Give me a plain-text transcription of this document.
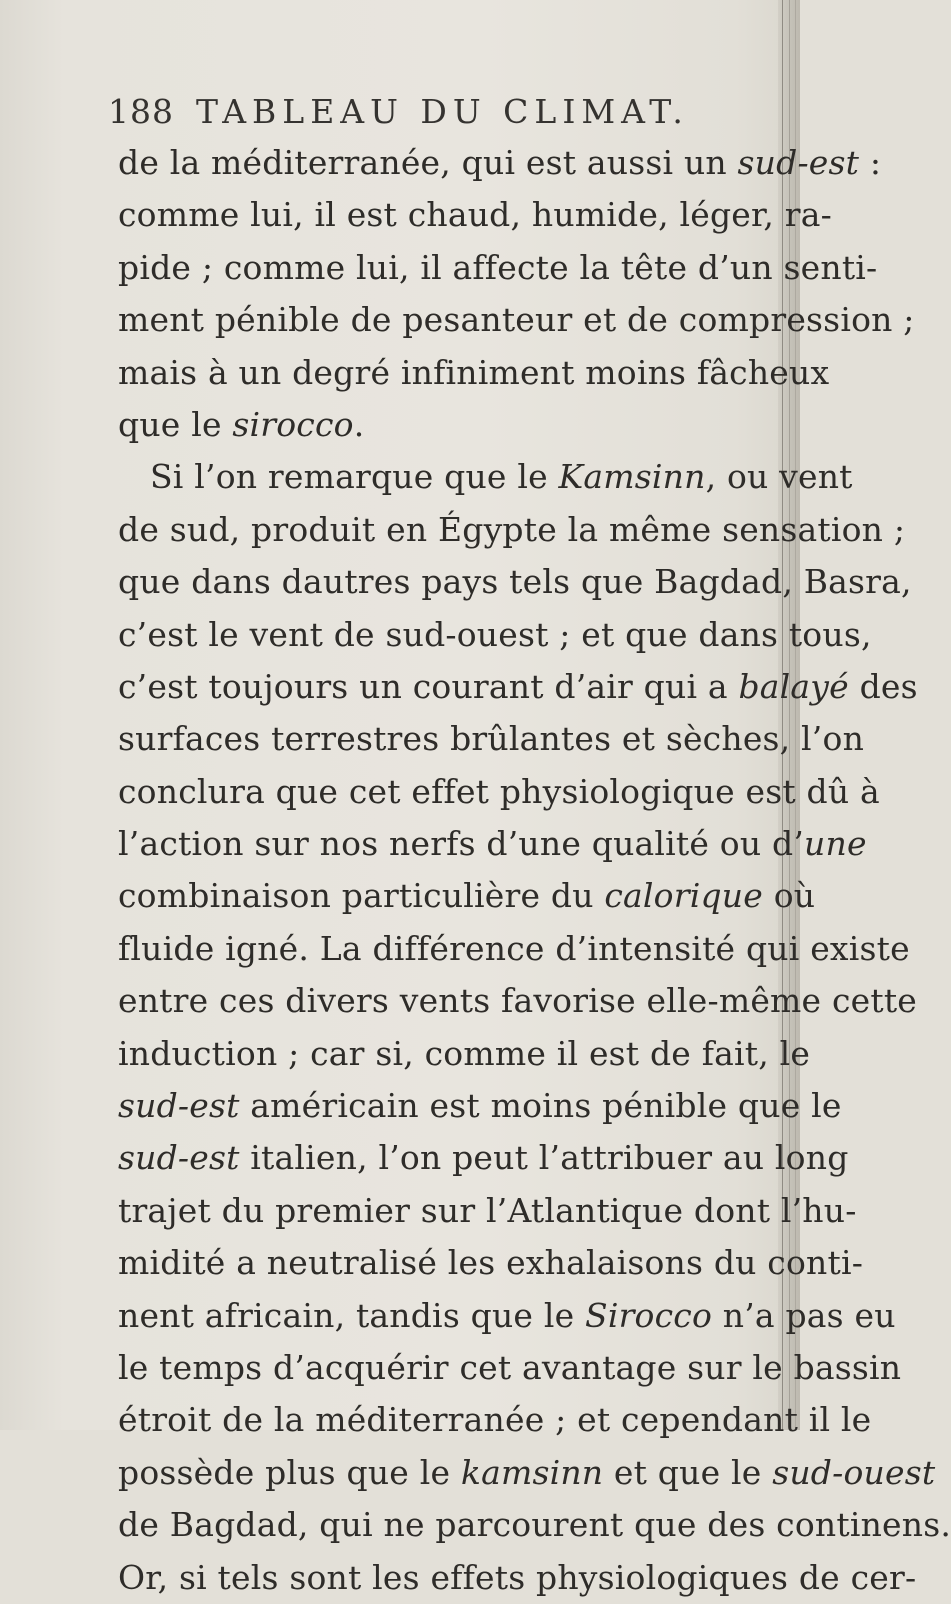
188 TABLEAU DU CLIMAT.
de la méditerranée, qui est aussi un sud-est :
comme lui, il est chaud, humide, léger, ra-
pide ; comme lui, il affecte la tête d’un senti-
ment pénible de pesanteur et de compression ;
mais à un degré infiniment moins fâcheux
que le sirocco.
Si l’on remarque que le Kamsinn, ou vent
de sud, produit en Égypte la même sensation ;
que dans dautres pays tels que Bagdad, Basra,
c’est le vent de sud-ouest ; et que dans tous,
c’est toujours un courant d’air qui a balayé des
surfaces terrestres brûlantes et sèches, l’on
conclura que cet effet physiologique est dû à
l’action sur nos nerfs d’une qualité ou d’une
combinaison particulière du calorique où
fluide igné. La différence d’intensité qui existe
entre ces divers vents favorise elle-même cette
induction ; car si, comme il est de fait, le
sud-est américain est moins pénible que le
sud-est italien, l’on peut l’attribuer au long
trajet du premier sur l’Atlantique dont l’hu-
midité a neutralisé les exhalaisons du conti-
nent africain, tandis que le Sirocco n’a pas eu
le temps d’acquérir cet avantage sur le bassin
étroit de la méditerranée ; et cependant il le
possède plus que le kamsinn et que le sud-ouest
de Bagdad, qui ne parcourent que des continens.
Or, si tels sont les effets physiologiques de cer-
